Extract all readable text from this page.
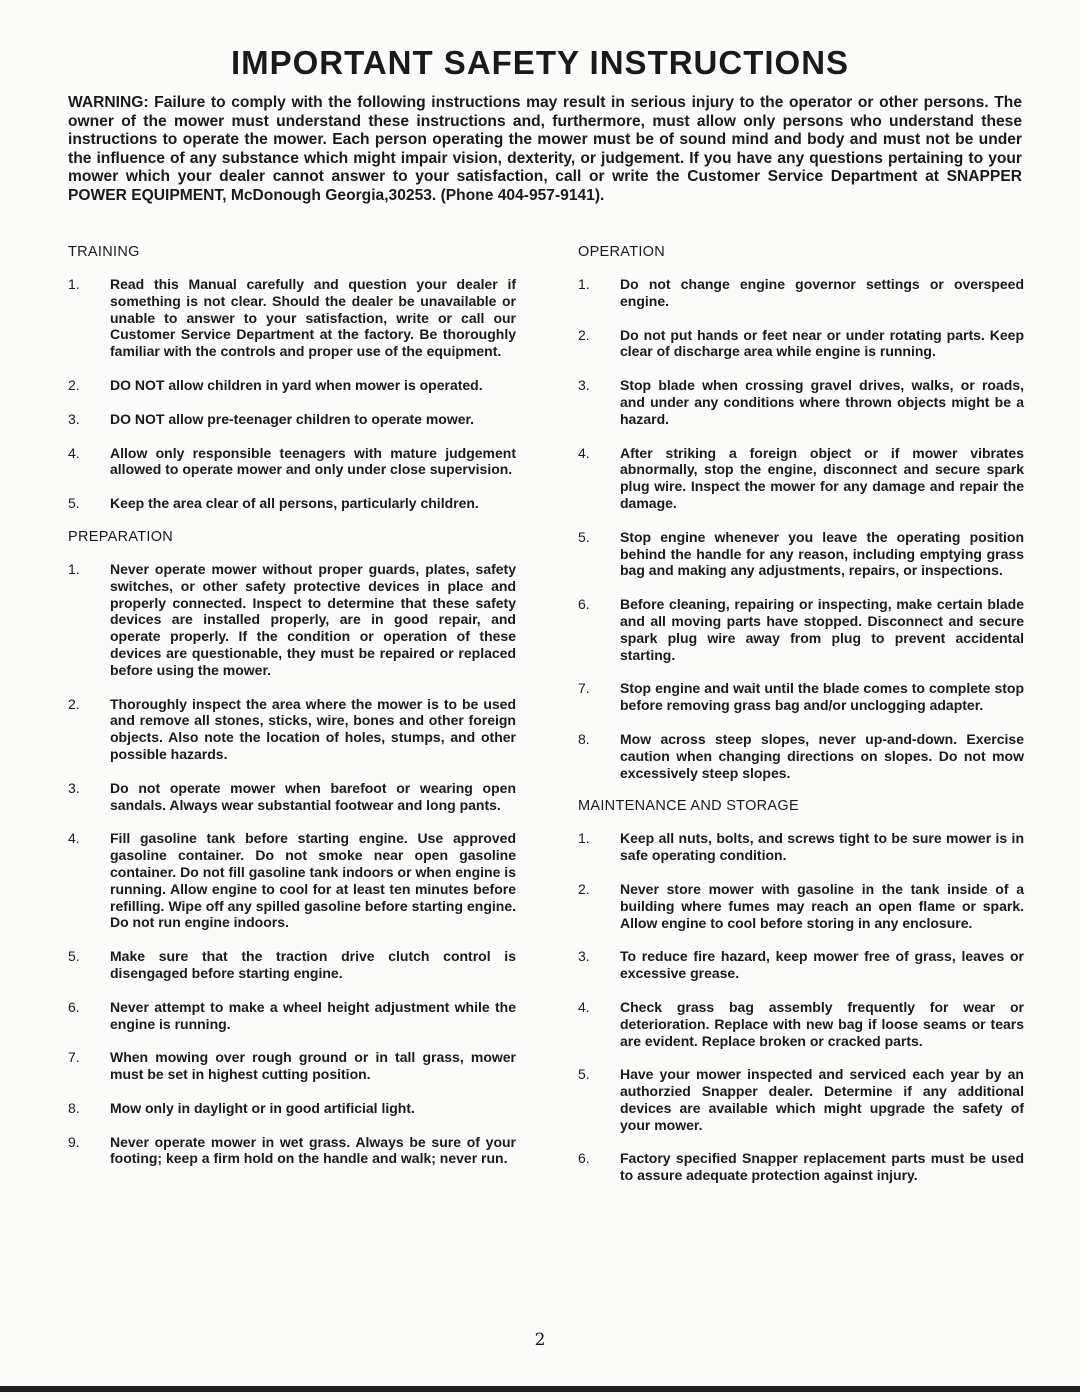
IMPORTANT SAFETY INSTRUCTIONS
WARNING: Failure to comply with the following instructions may result in serious injury to the operator or other persons. The owner of the mower must understand these instructions and, furthermore, must allow only persons who understand these instructions to operate the mower. Each person operating the mower must be of sound mind and body and must not be under the influence of any substance which might impair vision, dexterity, or judgement. If you have any questions pertaining to your mower which your dealer cannot answer to your satisfaction, call or write the Customer Service Department at SNAPPER POWER EQUIPMENT, McDonough Georgia,30253. (Phone 404-957-9141).
TRAINING
1.	Read this Manual carefully and question your dealer if something is not clear. Should the dealer be unavailable or unable to answer to your satisfaction, write or call our Customer Service Department at the factory. Be thoroughly familiar with the controls and proper use of the equipment.
2.	DO NOT allow children in yard when mower is operated.
3.	DO NOT allow pre-teenager children to operate mower.
4.	Allow only responsible teenagers with mature judgement allowed to operate mower and only under close supervision.
5.	Keep the area clear of all persons, particularly children.
PREPARATION
1.	Never operate mower without proper guards, plates, safety switches, or other safety protective devices in place and properly connected. Inspect to determine that these safety devices are installed properly, are in good repair, and operate properly. If the condition or operation of these devices are questionable, they must be repaired or replaced before using the mower.
2.	Thoroughly inspect the area where the mower is to be used and remove all stones, sticks, wire, bones and other foreign objects. Also note the location of holes, stumps, and other possible hazards.
3.	Do not operate mower when barefoot or wearing open sandals. Always wear substantial footwear and long pants.
4.	Fill gasoline tank before starting engine. Use approved gasoline container. Do not smoke near open gasoline container. Do not fill gasoline tank indoors or when engine is running. Allow engine to cool for at least ten minutes before refilling. Wipe off any spilled gasoline before starting engine. Do not run engine indoors.
5.	Make sure that the traction drive clutch control is disengaged before starting engine.
6.	Never attempt to make a wheel height adjustment while the engine is running.
7.	When mowing over rough ground or in tall grass, mower must be set in highest cutting position.
8.	Mow only in daylight or in good artificial light.
9.	Never operate mower in wet grass. Always be sure of your footing; keep a firm hold on the handle and walk; never run.
OPERATION
1.	Do not change engine governor settings or overspeed engine.
2.	Do not put hands or feet near or under rotating parts. Keep clear of discharge area while engine is running.
3.	Stop blade when crossing gravel drives, walks, or roads, and under any conditions where thrown objects might be a hazard.
4.	After striking a foreign object or if mower vibrates abnormally, stop the engine, disconnect and secure spark plug wire. Inspect the mower for any damage and repair the damage.
5.	Stop engine whenever you leave the operating position behind the handle for any reason, including emptying grass bag and making any adjustments, repairs, or inspections.
6.	Before cleaning, repairing or inspecting, make certain blade and all moving parts have stopped. Disconnect and secure spark plug wire away from plug to prevent accidental starting.
7.	Stop engine and wait until the blade comes to complete stop before removing grass bag and/or unclogging adapter.
8.	Mow across steep slopes, never up-and-down. Exercise caution when changing directions on slopes. Do not mow excessively steep slopes.
MAINTENANCE AND STORAGE
1.	Keep all nuts, bolts, and screws tight to be sure mower is in safe operating condition.
2.	Never store mower with gasoline in the tank inside of a building where fumes may reach an open flame or spark. Allow engine to cool before storing in any enclosure.
3.	To reduce fire hazard, keep mower free of grass, leaves or excessive grease.
4.	Check grass bag assembly frequently for wear or deterioration. Replace with new bag if loose seams or tears are evident. Replace broken or cracked parts.
5.	Have your mower inspected and serviced each year by an authorzied Snapper dealer. Determine if any additional devices are available which might upgrade the safety of your mower.
6.	Factory specified Snapper replacement parts must be used to assure adequate protection against injury.
2
